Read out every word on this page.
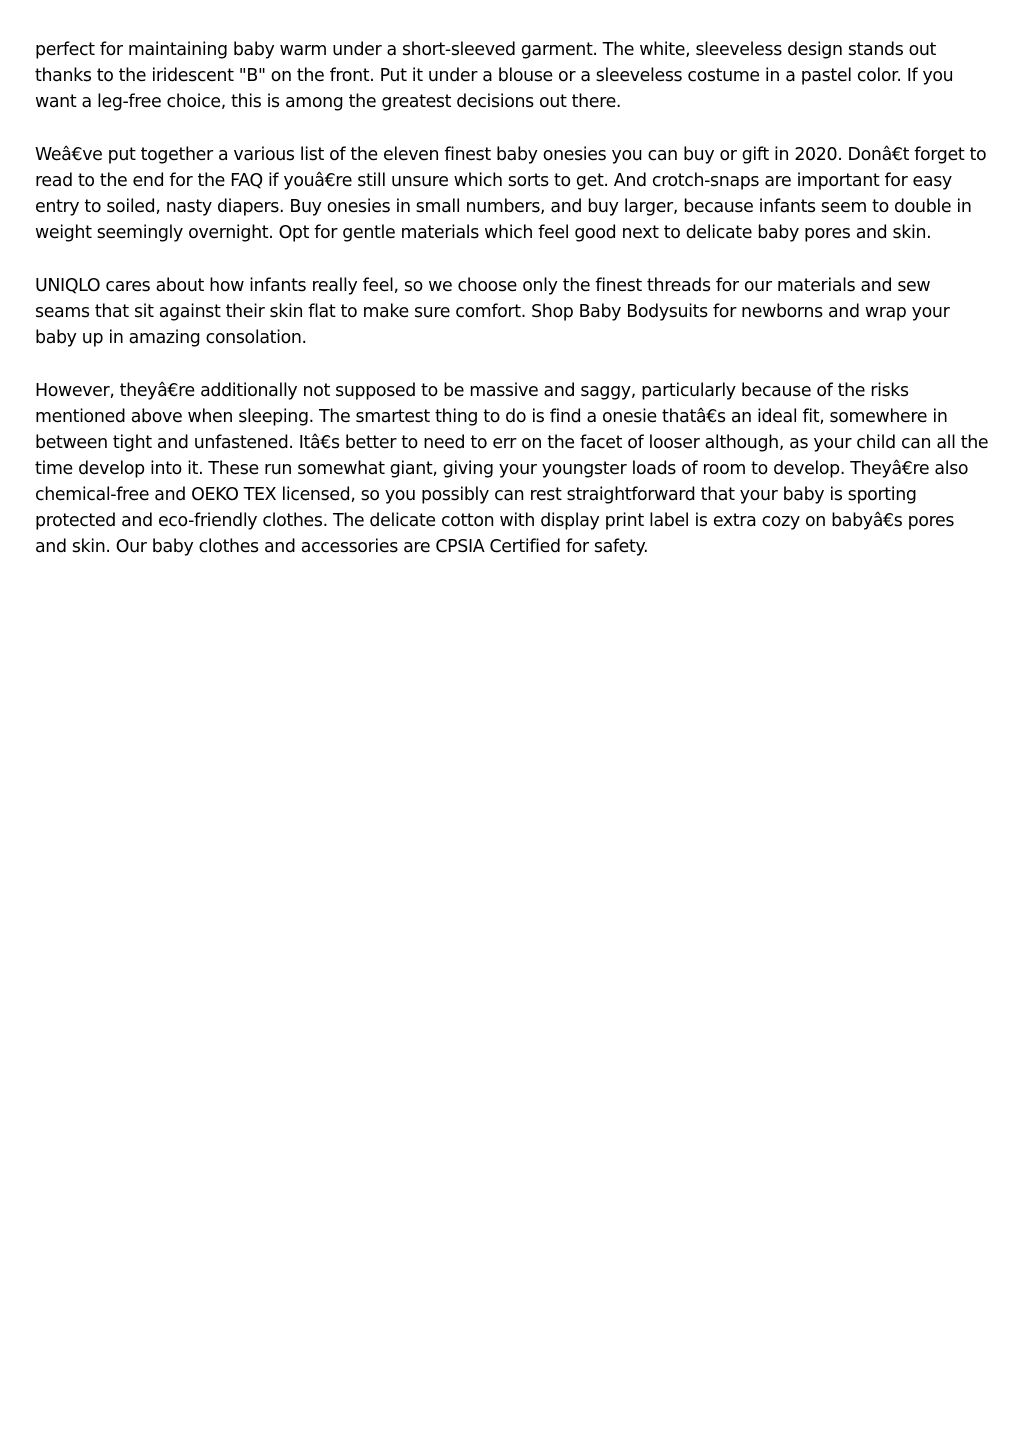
perfect for maintaining baby warm under a short-sleeved garment. The white, sleeveless design stands out thanks to the iridescent "B" on the front. Put it under a blouse or a sleeveless costume in a pastel color. If you want a leg-free choice, this is among the greatest decisions out there.

Weâ€ve put together a various list of the eleven finest baby onesies you can buy or gift in 2020. Donâ€t forget to read to the end for the FAQ if youâ€re still unsure which sorts to get. And crotch-snaps are important for easy entry to soiled, nasty diapers. Buy onesies in small numbers, and buy larger, because infants seem to double in weight seemingly overnight. Opt for gentle materials which feel good next to delicate baby pores and skin.

UNIQLO cares about how infants really feel, so we choose only the finest threads for our materials and sew seams that sit against their skin flat to make sure comfort. Shop Baby Bodysuits for newborns and wrap your baby up in amazing consolation.

However, theyâ€re additionally not supposed to be massive and saggy, particularly because of the risks mentioned above when sleeping. The smartest thing to do is find a onesie thatâ€s an ideal fit, somewhere in between tight and unfastened. Itâ€s better to need to err on the facet of looser although, as your child can all the time develop into it. These run somewhat giant, giving your youngster loads of room to develop. Theyâ€re also chemical-free and OEKO TEX licensed, so you possibly can rest straightforward that your baby is sporting protected and eco-friendly clothes. The delicate cotton with display print label is extra cozy on babyâ€s pores and skin. Our baby clothes and accessories are CPSIA Certified for safety.
